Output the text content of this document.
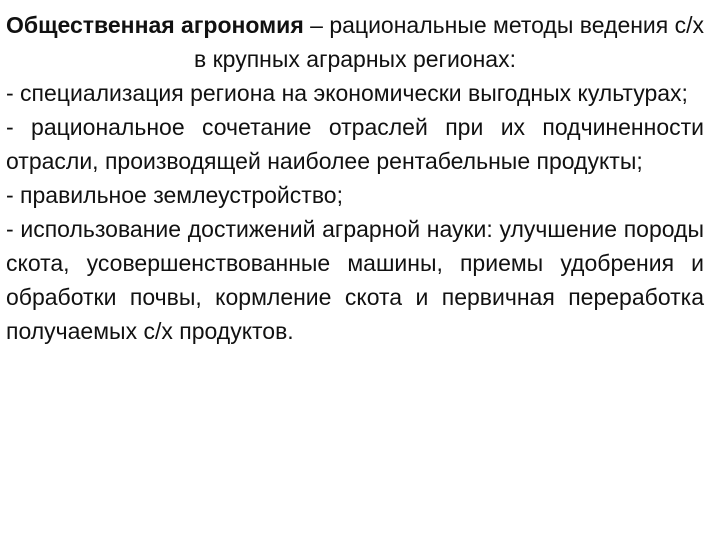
Общественная агрономия – рациональные методы ведения с/х в крупных аграрных регионах:

- специализация региона на экономически выгодных культурах;

- рациональное сочетание отраслей при их подчиненности отрасли, производящей наиболее рентабельные продукты;

- правильное землеустройство;

- использование достижений аграрной науки: улучшение породы скота, усовершенствованные машины, приемы удобрения и обработки почвы, кормление скота и первичная переработка получаемых с/х продуктов.
